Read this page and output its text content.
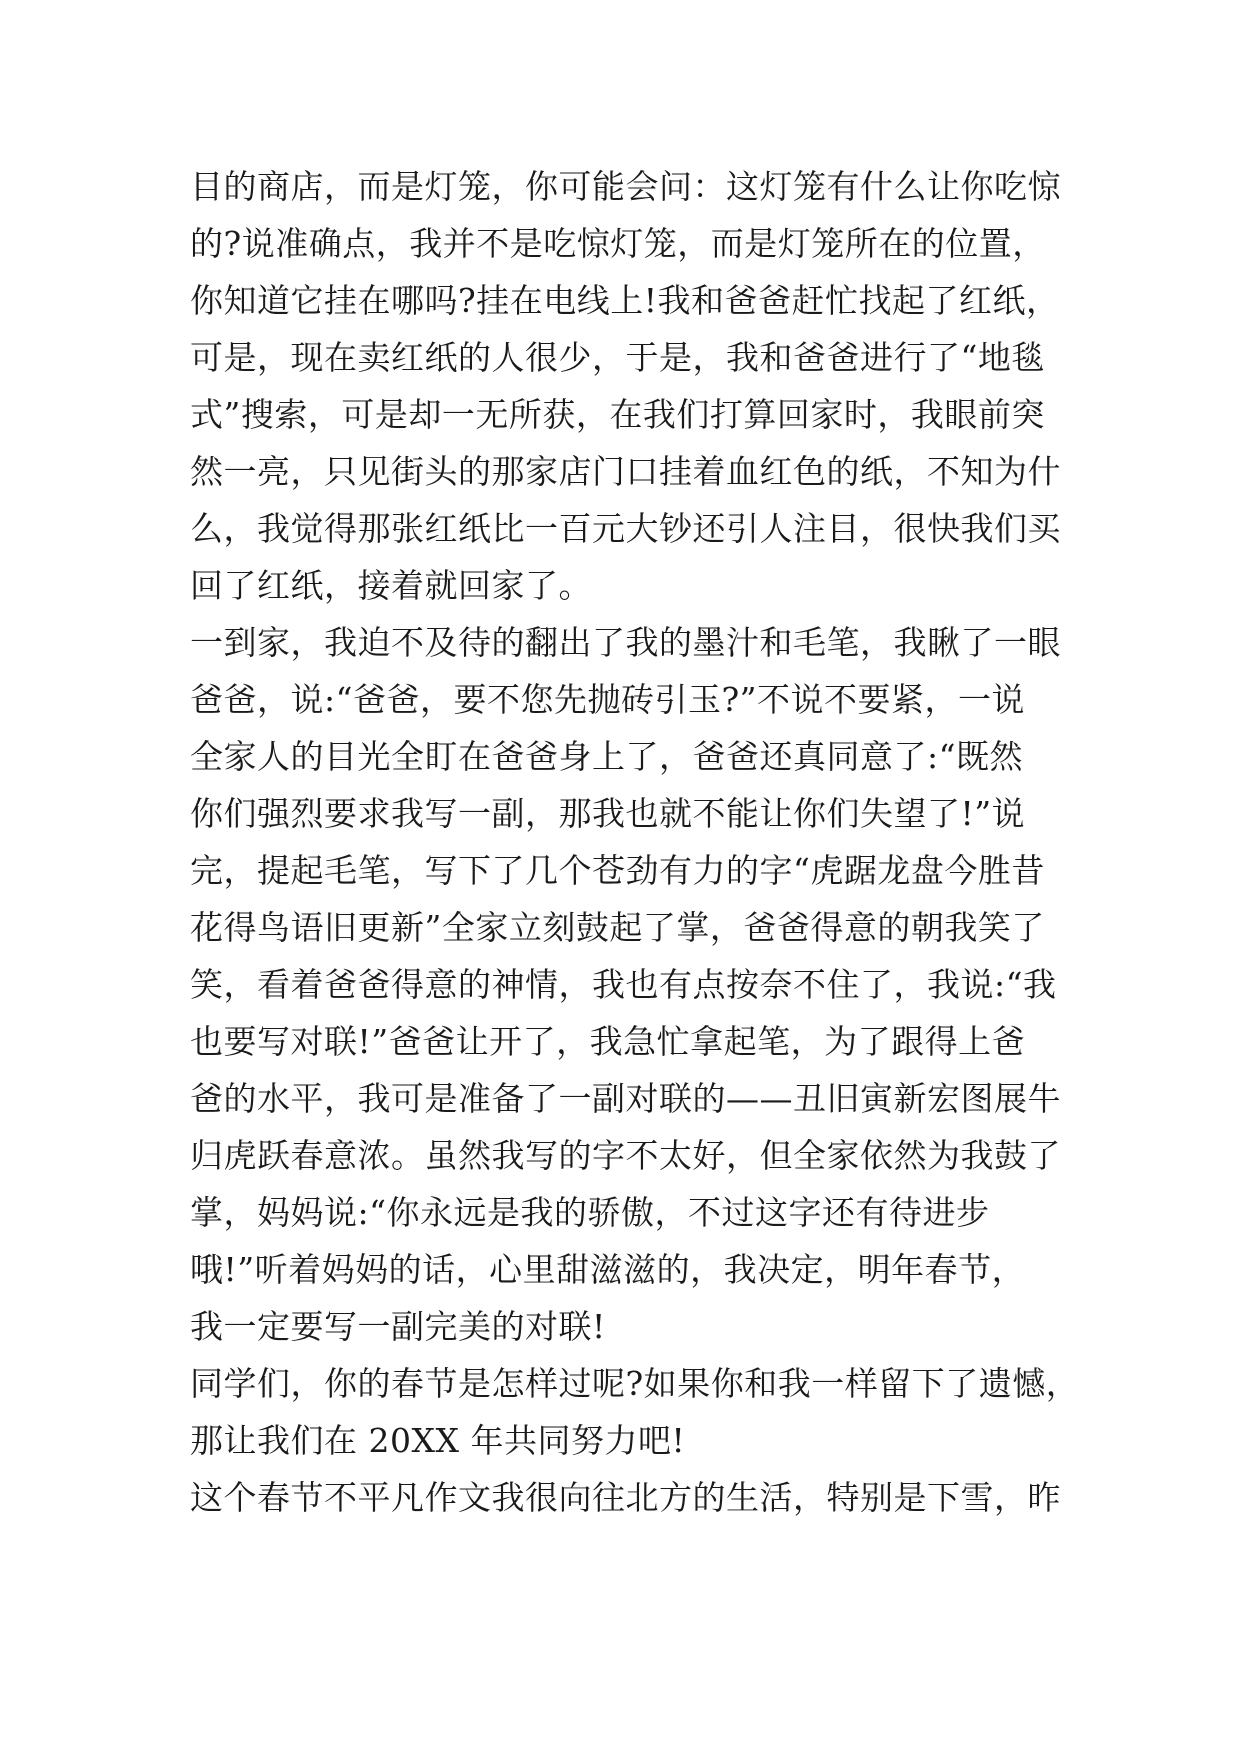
目的商店，而是灯笼，你可能会问：这灯笼有什么让你吃惊
的?说准确点，我并不是吃惊灯笼，而是灯笼所在的位置，
你知道它挂在哪吗?挂在电线上!我和爸爸赶忙找起了红纸，
可是，现在卖红纸的人很少，于是，我和爸爸进行了“地毯
式”搜索，可是却一无所获，在我们打算回家时，我眼前突
然一亮，只见街头的那家店门口挂着血红色的纸，不知为什
么，我觉得那张红纸比一百元大钞还引人注目，很快我们买
回了红纸，接着就回家了。
一到家，我迫不及待的翻出了我的墨汁和毛笔，我瞅了一眼
爸爸，说:“爸爸，要不您先抛砖引玉?”不说不要紧，一说
全家人的目光全盯在爸爸身上了，爸爸还真同意了:“既然
你们强烈要求我写一副，那我也就不能让你们失望了!”说
完，提起毛笔，写下了几个苍劲有力的字“虎踞龙盘今胜昔
花得鸟语旧更新”全家立刻鼓起了掌，爸爸得意的朝我笑了
笑，看着爸爸得意的神情，我也有点按奈不住了，我说:“我
也要写对联!”爸爸让开了，我急忙拿起笔，为了跟得上爸
爸的水平，我可是准备了一副对联的——丑旧寅新宏图展牛
归虎跃春意浓。虽然我写的字不太好，但全家依然为我鼓了
掌，妈妈说:“你永远是我的骄傲，不过这字还有待进步
哦!”听着妈妈的话，心里甜滋滋的，我决定，明年春节，
我一定要写一副完美的对联!
同学们，你的春节是怎样过呢?如果你和我一样留下了遗憾，
那让我们在 20XX 年共同努力吧!
这个春节不平凡作文我很向往北方的生活，特别是下雪，昨
